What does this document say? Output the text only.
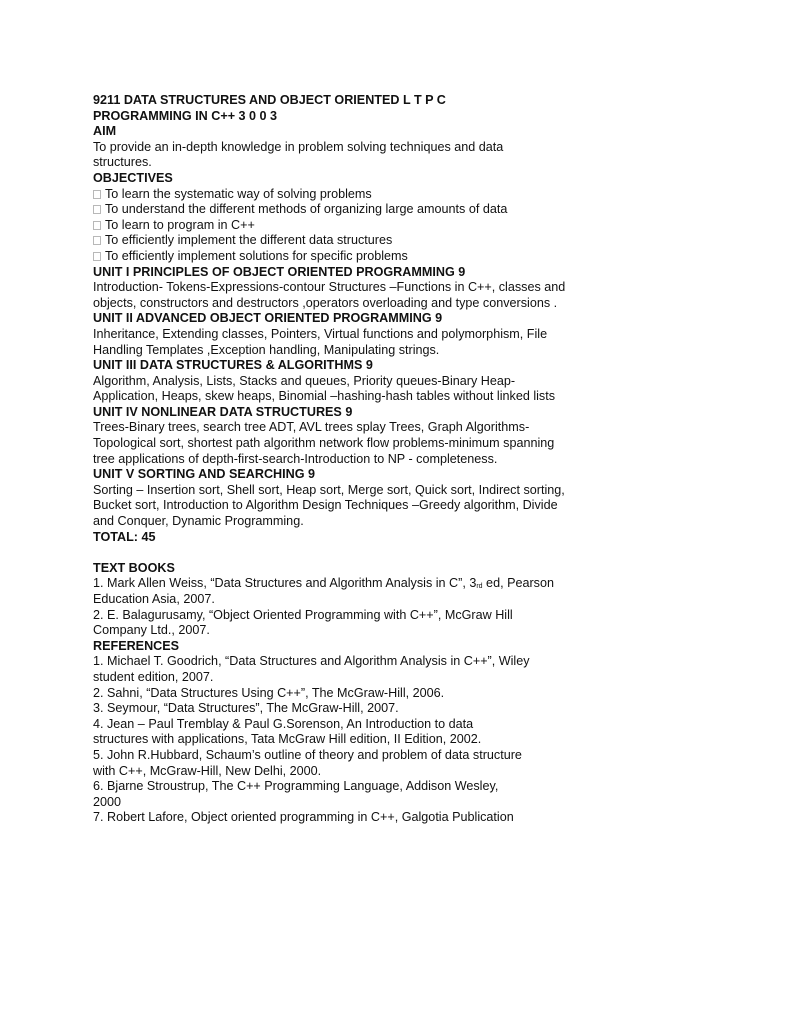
9211 DATA STRUCTURES AND OBJECT ORIENTED L T P C
PROGRAMMING IN C++ 3 0 0 3
AIM
To provide an in-depth knowledge in problem solving techniques and data
structures.
OBJECTIVES
To learn the systematic way of solving problems
To understand the different methods of organizing large amounts of data
To learn to program in C++
To efficiently implement the different data structures
To efficiently implement solutions for specific problems
UNIT I PRINCIPLES OF OBJECT ORIENTED PROGRAMMING 9
Introduction- Tokens-Expressions-contour Structures –Functions in C++, classes and
objects, constructors and destructors ,operators overloading and type conversions .
UNIT II ADVANCED OBJECT ORIENTED PROGRAMMING 9
Inheritance, Extending classes, Pointers, Virtual functions and polymorphism, File
Handling Templates ,Exception handling, Manipulating strings.
UNIT III DATA STRUCTURES & ALGORITHMS 9
Algorithm, Analysis, Lists, Stacks and queues, Priority queues-Binary Heap-
Application, Heaps, skew heaps, Binomial –hashing-hash tables without linked lists
UNIT IV NONLINEAR DATA STRUCTURES 9
Trees-Binary trees, search tree ADT, AVL trees splay Trees, Graph Algorithms-
Topological sort, shortest path algorithm network flow problems-minimum spanning
tree applications of depth-first-search-Introduction to NP - completeness.
UNIT V SORTING AND SEARCHING 9
Sorting – Insertion sort, Shell sort, Heap sort, Merge sort, Quick sort, Indirect sorting,
Bucket sort, Introduction to Algorithm Design Techniques –Greedy algorithm, Divide
and Conquer, Dynamic Programming.
TOTAL: 45
TEXT BOOKS
1. Mark Allen Weiss, “Data Structures and Algorithm Analysis in C”, 3rd ed, Pearson
Education Asia, 2007.
2. E. Balagurusamy, “Object Oriented Programming with C++”, McGraw Hill
Company Ltd., 2007.
REFERENCES
1. Michael T. Goodrich, “Data Structures and Algorithm Analysis in C++”, Wiley
student edition, 2007.
2. Sahni, “Data Structures Using C++”, The McGraw-Hill, 2006.
3. Seymour, “Data Structures”, The McGraw-Hill, 2007.
4. Jean – Paul Tremblay & Paul G.Sorenson, An Introduction to data
structures with applications, Tata McGraw Hill edition, II Edition, 2002.
5. John R.Hubbard, Schaum’s outline of theory and problem of data structure
with C++, McGraw-Hill, New Delhi, 2000.
6. Bjarne Stroustrup, The C++ Programming Language, Addison Wesley,
2000
7. Robert Lafore, Object oriented programming in C++, Galgotia Publication
